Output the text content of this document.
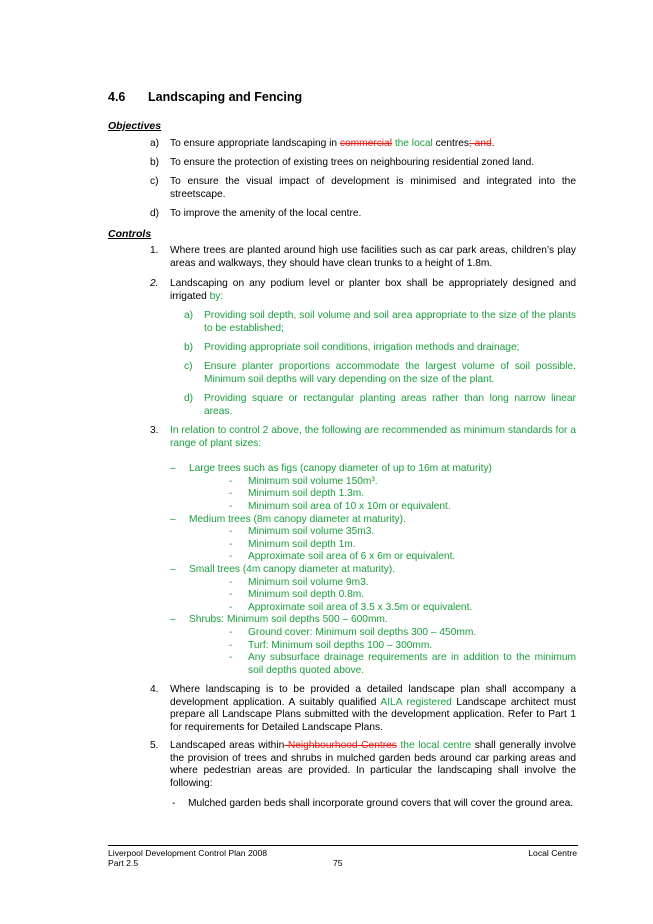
4.6 Landscaping and Fencing
Objectives
a) To ensure appropriate landscaping in commercial the local centres; and.
b) To ensure the protection of existing trees on neighbouring residential zoned land.
c) To ensure the visual impact of development is minimised and integrated into the streetscape.
d) To improve the amenity of the local centre.
Controls
1. Where trees are planted around high use facilities such as car park areas, children’s play areas and walkways, they should have clean trunks to a height of 1.8m.
2. Landscaping on any podium level or planter box shall be appropriately designed and irrigated by:
a) Providing soil depth, soil volume and soil area appropriate to the size of the plants to be established;
b) Providing appropriate soil conditions, irrigation methods and drainage;
c) Ensure planter proportions accommodate the largest volume of soil possible. Minimum soil depths will vary depending on the size of the plant.
d) Providing square or rectangular planting areas rather than long narrow linear areas.
3. In relation to control 2 above, the following are recommended as minimum standards for a range of plant sizes:
– Large trees such as figs (canopy diameter of up to 16m at maturity)
- Minimum soil volume 150m³.
- Minimum soil depth 1.3m.
- Minimum soil area of 10 x 10m or equivalent.
– Medium trees (8m canopy diameter at maturity).
- Minimum soil volume 35m3.
- Minimum soil depth 1m.
- Approximate soil area of 6 x 6m or equivalent.
– Small trees (4m canopy diameter at maturity).
- Minimum soil volume 9m3.
- Minimum soil depth 0.8m.
- Approximate soil area of 3.5 x 3.5m or equivalent.
– Shrubs: Minimum soil depths 500 – 600mm.
- Ground cover: Minimum soil depths 300 – 450mm.
- Turf: Minimum soil depths 100 – 300mm.
- Any subsurface drainage requirements are in addition to the minimum soil depths quoted above.
4. Where landscaping is to be provided a detailed landscape plan shall accompany a development application. A suitably qualified AILA registered Landscape architect must prepare all Landscape Plans submitted with the development application. Refer to Part 1 for requirements for Detailed Landscape Plans.
5. Landscaped areas within Neighbourhood Centres the local centre shall generally involve the provision of trees and shrubs in mulched garden beds around car parking areas and where pedestrian areas are provided. In particular the landscaping shall involve the following:
- Mulched garden beds shall incorporate ground covers that will cover the ground area.
Liverpool Development Control Plan 2008
Part 2.5	75
Local Centre
